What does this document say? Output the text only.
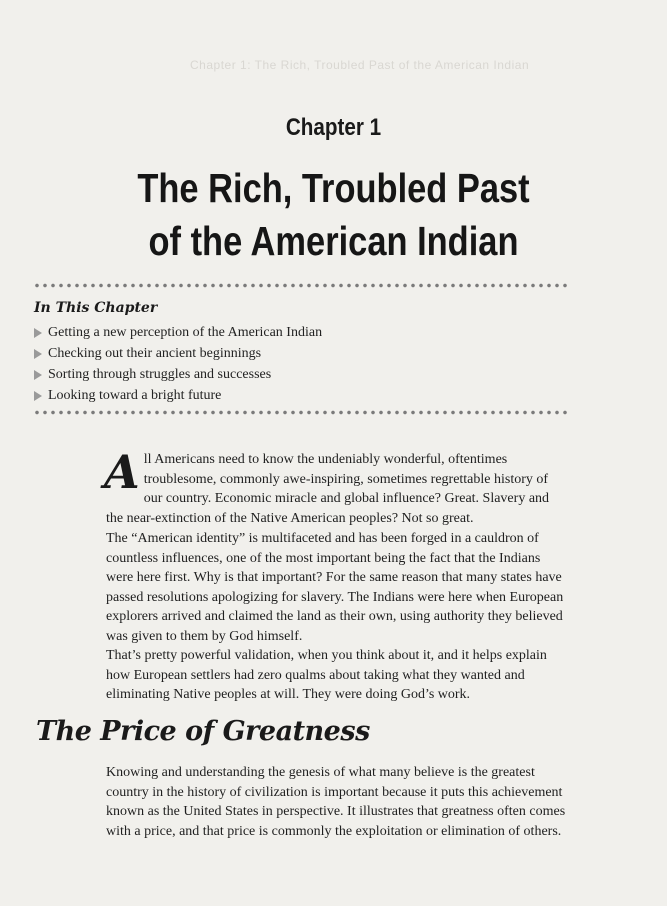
Chapter 1: The Rich, Troubled Past of the American Indian
Chapter 1
The Rich, Troubled Past
of the American Indian
In This Chapter
Getting a new perception of the American Indian
Checking out their ancient beginnings
Sorting through struggles and successes
Looking toward a bright future

All Americans need to know the undeniably wonderful, oftentimes troublesome, commonly awe-inspiring, sometimes regrettable history of our country. Economic miracle and global influence? Great. Slavery and the near-extinction of the Native American peoples? Not so great.

The “American identity” is multifaceted and has been forged in a cauldron of countless influences, one of the most important being the fact that the Indians were here first. Why is that important? For the same reason that many states have passed resolutions apologizing for slavery. The Indians were here when European explorers arrived and claimed the land as their own, using authority they believed was given to them by God himself.

That’s pretty powerful validation, when you think about it, and it helps explain how European settlers had zero qualms about taking what they wanted and eliminating Native peoples at will. They were doing God’s work.

The Price of Greatness

Knowing and understanding the genesis of what many believe is the greatest country in the history of civilization is important because it puts this achievement known as the United States in perspective. It illustrates that greatness often comes with a price, and that price is commonly the exploitation or elimination of others.
